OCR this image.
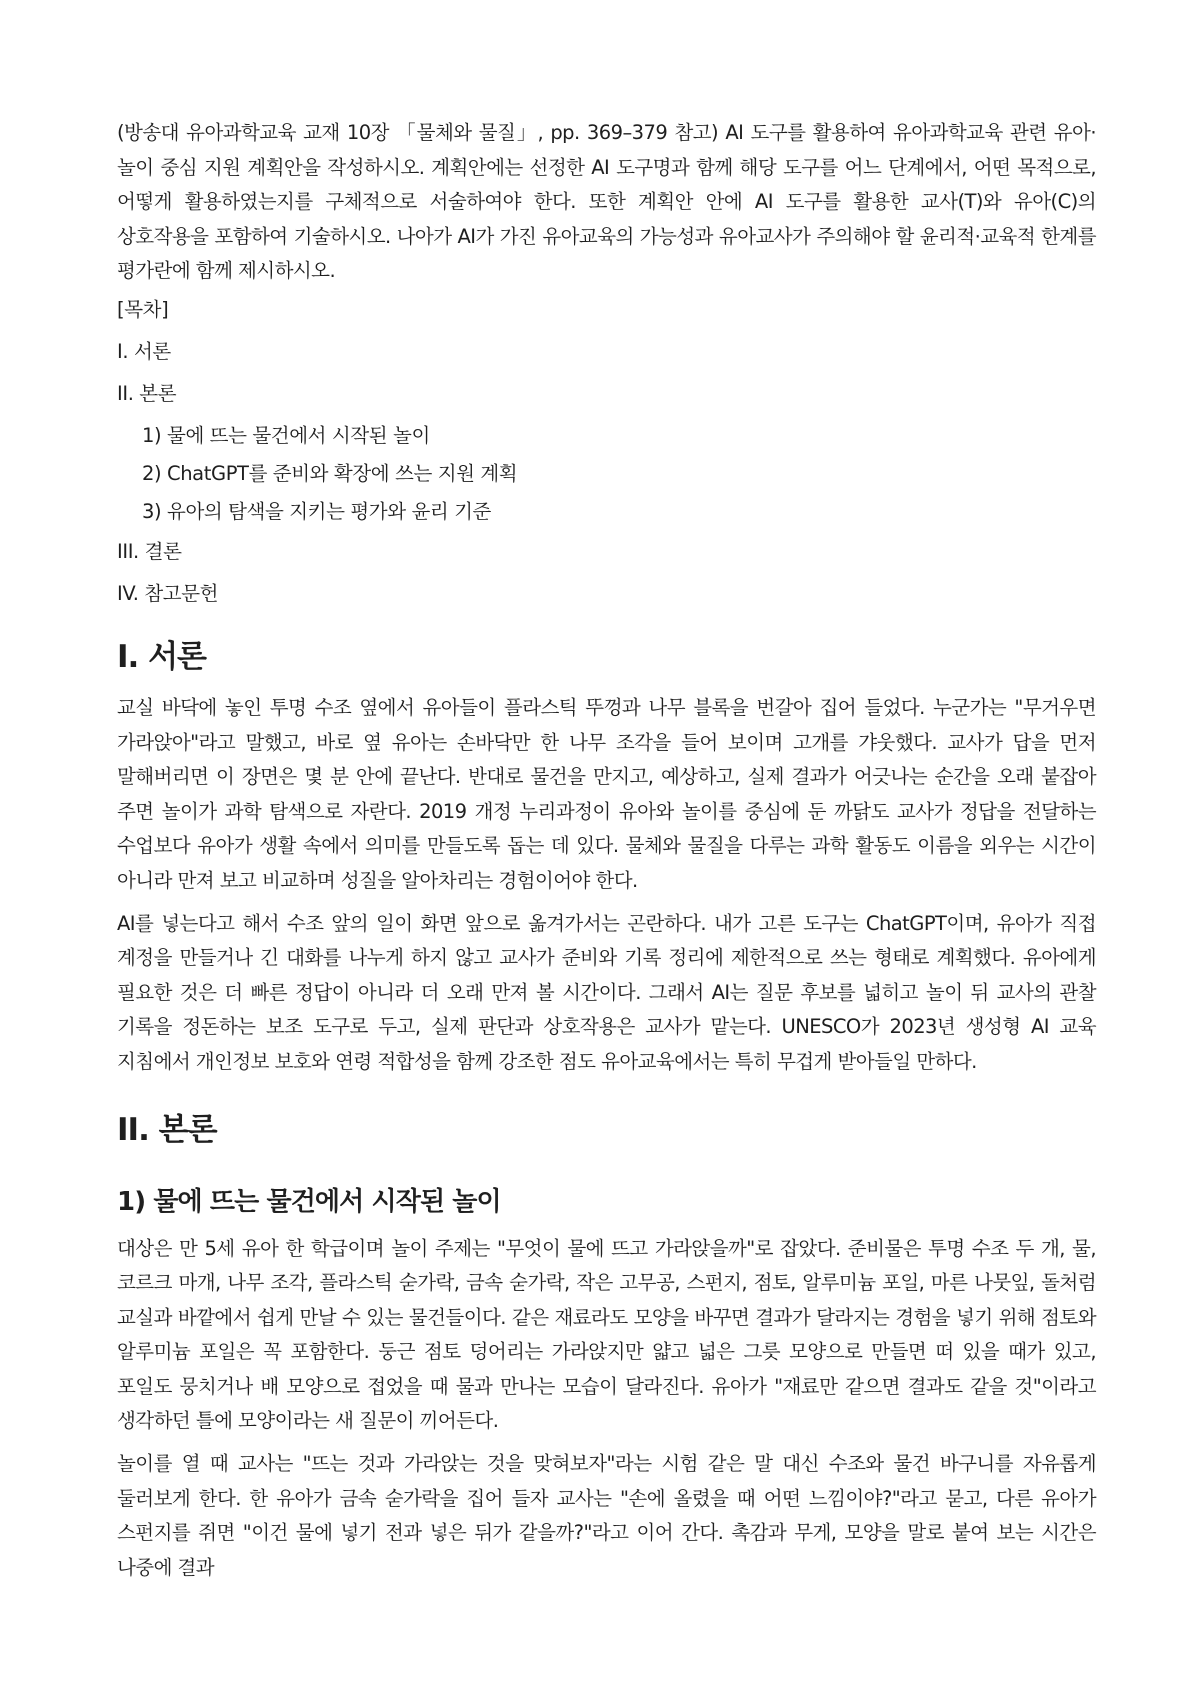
(방송대 유아과학교육 교재 10장 「물체와 물질」, pp. 369–379 참고) AI 도구를 활용하여 유아과학교육 관련 유아·놀이 중심 지원 계획안을 작성하시오. 계획안에는 선정한 AI 도구명과 함께 해당 도구를 어느 단계에서, 어떤 목적으로, 어떻게 활용하였는지를 구체적으로 서술하여야 한다. 또한 계획안 안에 AI 도구를 활용한 교사(T)와 유아(C)의 상호작용을 포함하여 기술하시오. 나아가 AI가 가진 유아교육의 가능성과 유아교사가 주의해야 할 윤리적·교육적 한계를 평가란에 함께 제시하시오.

[목차]
I. 서론
II. 본론
1) 물에 뜨는 물건에서 시작된 놀이
2) ChatGPT를 준비와 확장에 쓰는 지원 계획
3) 유아의 탐색을 지키는 평가와 윤리 기준
III. 결론
IV. 참고문헌
I. 서론

교실 바닥에 놓인 투명 수조 옆에서 유아들이 플라스틱 뚜껑과 나무 블록을 번갈아 집어 들었다. 누군가는 "무거우면 가라앉아"라고 말했고, 바로 옆 유아는 손바닥만 한 나무 조각을 들어 보이며 고개를 갸웃했다. 교사가 답을 먼저 말해버리면 이 장면은 몇 분 안에 끝난다. 반대로 물건을 만지고, 예상하고, 실제 결과가 어긋나는 순간을 오래 붙잡아 주면 놀이가 과학 탐색으로 자란다. 2019 개정 누리과정이 유아와 놀이를 중심에 둔 까닭도 교사가 정답을 전달하는 수업보다 유아가 생활 속에서 의미를 만들도록 돕는 데 있다. 물체와 물질을 다루는 과학 활동도 이름을 외우는 시간이 아니라 만져 보고 비교하며 성질을 알아차리는 경험이어야 한다.

AI를 넣는다고 해서 수조 앞의 일이 화면 앞으로 옮겨가서는 곤란하다. 내가 고른 도구는 ChatGPT이며, 유아가 직접 계정을 만들거나 긴 대화를 나누게 하지 않고 교사가 준비와 기록 정리에 제한적으로 쓰는 형태로 계획했다. 유아에게 필요한 것은 더 빠른 정답이 아니라 더 오래 만져 볼 시간이다. 그래서 AI는 질문 후보를 넓히고 놀이 뒤 교사의 관찰 기록을 정돈하는 보조 도구로 두고, 실제 판단과 상호작용은 교사가 맡는다. UNESCO가 2023년 생성형 AI 교육 지침에서 개인정보 보호와 연령 적합성을 함께 강조한 점도 유아교육에서는 특히 무겁게 받아들일 만하다.

II. 본론
1) 물에 뜨는 물건에서 시작된 놀이

대상은 만 5세 유아 한 학급이며 놀이 주제는 "무엇이 물에 뜨고 가라앉을까"로 잡았다. 준비물은 투명 수조 두 개, 물, 코르크 마개, 나무 조각, 플라스틱 숟가락, 금속 숟가락, 작은 고무공, 스펀지, 점토, 알루미늄 포일, 마른 나뭇잎, 돌처럼 교실과 바깥에서 쉽게 만날 수 있는 물건들이다. 같은 재료라도 모양을 바꾸면 결과가 달라지는 경험을 넣기 위해 점토와 알루미늄 포일은 꼭 포함한다. 둥근 점토 덩어리는 가라앉지만 얇고 넓은 그릇 모양으로 만들면 떠 있을 때가 있고, 포일도 뭉치거나 배 모양으로 접었을 때 물과 만나는 모습이 달라진다. 유아가 "재료만 같으면 결과도 같을 것"이라고 생각하던 틀에 모양이라는 새 질문이 끼어든다.

놀이를 열 때 교사는 "뜨는 것과 가라앉는 것을 맞혀보자"라는 시험 같은 말 대신 수조와 물건 바구니를 자유롭게 둘러보게 한다. 한 유아가 금속 숟가락을 집어 들자 교사는 "손에 올렸을 때 어떤 느낌이야?"라고 묻고, 다른 유아가 스펀지를 쥐면 "이건 물에 넣기 전과 넣은 뒤가 같을까?"라고 이어 간다. 촉감과 무게, 모양을 말로 붙여 보는 시간은 나중에 결과
